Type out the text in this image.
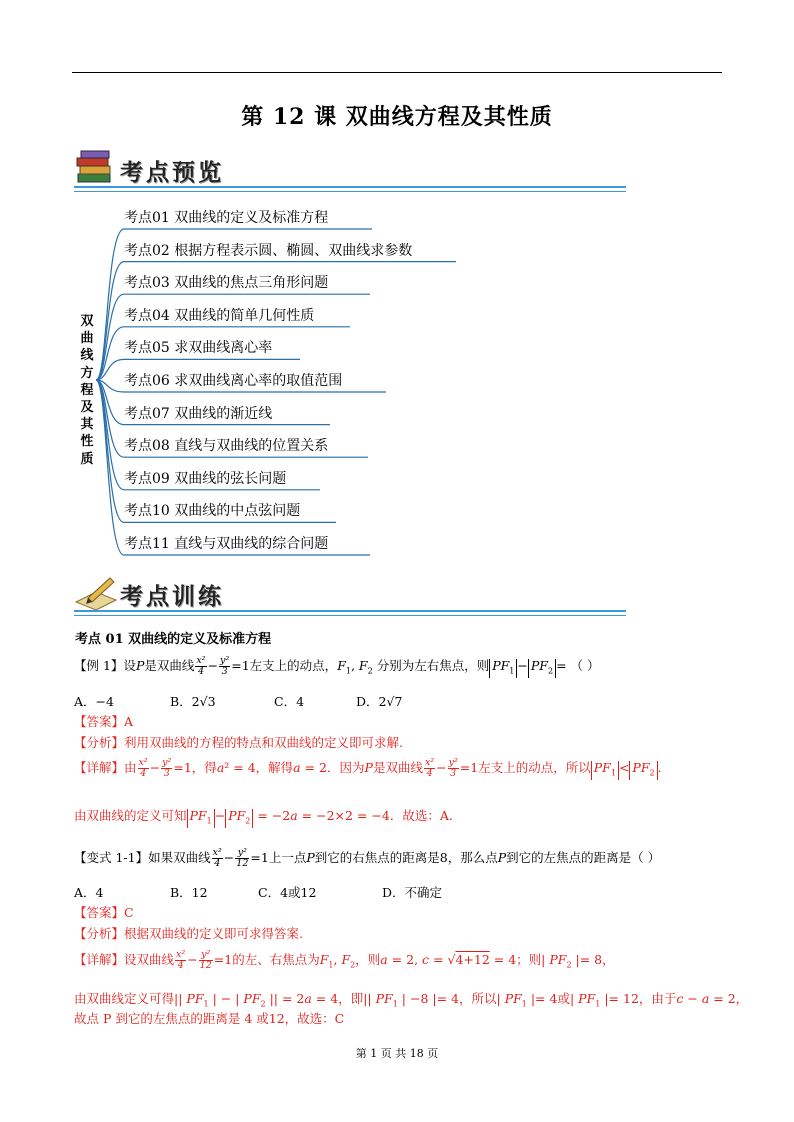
第 12 课 双曲线方程及其性质
考点预览
双
曲
线
方
程
及
其
性
质
考点01 双曲线的定义及标准方程
考点02 根据方程表示圆、椭圆、双曲线求参数
考点03 双曲线的焦点三角形问题
考点04 双曲线的简单几何性质
考点05 求双曲线离心率
考点06 求双曲线离心率的取值范围
考点07 双曲线的渐近线
考点08 直线与双曲线的位置关系
考点09 双曲线的弦长问题
考点10 双曲线的中点弦问题
考点11 直线与双曲线的综合问题
考点训练
考点 01 双曲线的定义及标准方程
【例 1】设P是双曲线 $\frac{\text{x²}}{4} - \frac{\text{y²}}{3} =1$左支上的动点，$F_1$, $F_2$ 分别为左右焦点，则 $PF_1 - PF_2$ = （ ）
A．−4	B．2√3	C．4	D．2√7
【答案】A
【分析】利用双曲线的方程的特点和双曲线的定义即可求解.
【详解】由 $\frac{\text{x²}}{4} - \frac{\text{y²}}{3} =1$，得a² = 4，解得a = 2．因为P是双曲线 $\frac{\text{x²}}{4} - \frac{\text{y²}}{3} =1$左支上的动点，所以 $PF_1 < PF_2$ .
由双曲线的定义可知 $PF_1 - PF_2 = -2a = -2\times 2 = -4$．故选：A.
【变式 1-1】如果双曲线 $\frac{\text{x²}}{4} - \frac{\text{y²}}{12} =1$上一点P到它的右焦点的距离是8，那么点P到它的左焦点的距离是（ ）
A．4	B．12	C．4或12	D．不确定
【答案】C
【分析】根据双曲线的定义即可求得答案.
【详解】设双曲线 $\frac{\text{x²}}{4} - \frac{\text{y²}}{12} =1$的左、右焦点为$F_1$, $F_2$，则a = 2, c = √4+12 = 4；则| $PF_2$ |= 8，
由双曲线定义可得|| $PF_1$ | − | $PF_2$ || = 2a = 4，即|| $PF_1$ | −8 |= 4，所以| $PF_1$ |= 4或| $PF_1$ |= 12，由于c − a = 2，
故点 P 到它的左焦点的距离是 4 或12，故选：C
第 1 页 共 18 页
